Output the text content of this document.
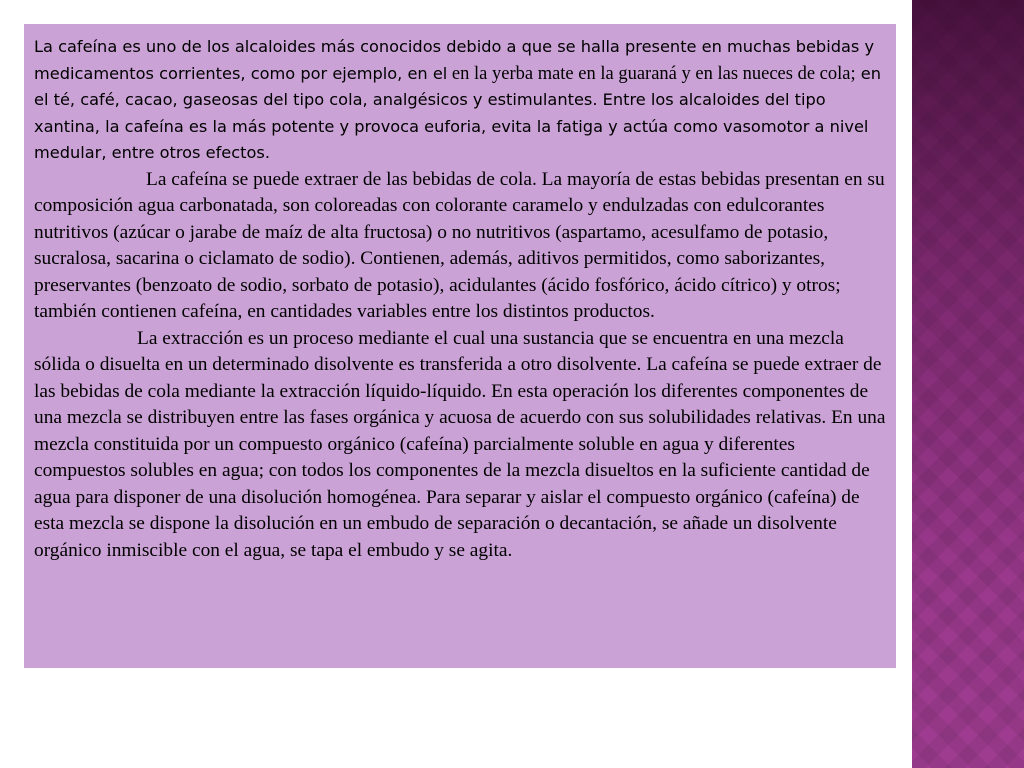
La cafeína es uno de los alcaloides más conocidos debido a que se halla presente en muchas bebidas y medicamentos corrientes, como por ejemplo, en el en la yerba mate en la guaraná y en las nueces de cola; en el té, café, cacao, gaseosas del tipo cola, analgésicos y estimulantes. Entre los alcaloides del tipo xantina, la cafeína es la más potente y provoca euforia, evita la fatiga y actúa como vasomotor a nivel medular, entre otros efectos.

La cafeína se puede extraer de las bebidas de cola. La mayoría de estas bebidas presentan en su composición agua carbonatada, son coloreadas con colorante caramelo y endulzadas con edulcorantes nutritivos (azúcar o jarabe de maíz de alta fructosa) o no nutritivos (aspartamo, acesulfamo de potasio, sucralosa, sacarina o ciclamato de sodio). Contienen, además, aditivos permitidos, como saborizantes, preservantes (benzoato de sodio, sorbato de potasio), acidulantes (ácido fosfórico, ácido cítrico) y otros; también contienen cafeína, en cantidades variables entre los distintos productos.

La extracción es un proceso mediante el cual una sustancia que se encuentra en una mezcla sólida o disuelta en un determinado disolvente es transferida a otro disolvente. La cafeína se puede extraer de las bebidas de cola mediante la extracción líquido-líquido. En esta operación los diferentes componentes de una mezcla se distribuyen entre las fases orgánica y acuosa de acuerdo con sus solubilidades relativas. En una mezcla constituida por un compuesto orgánico (cafeína) parcialmente soluble en agua y diferentes compuestos solubles en agua; con todos los componentes de la mezcla disueltos en la suficiente cantidad de agua para disponer de una disolución homogénea. Para separar y aislar el compuesto orgánico (cafeína) de esta mezcla se dispone la disolución en un embudo de separación o decantación, se añade un disolvente orgánico inmiscible con el agua, se tapa el embudo y se agita.
